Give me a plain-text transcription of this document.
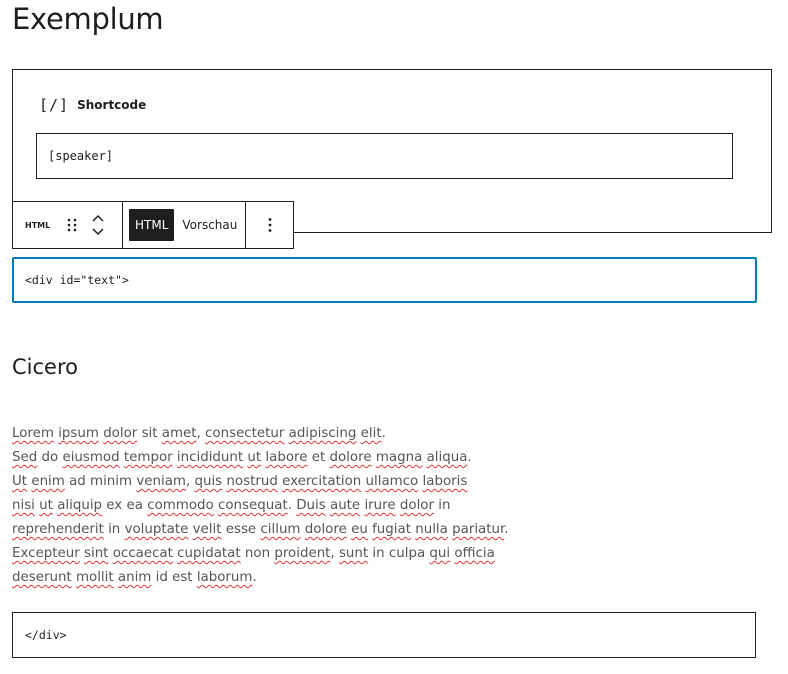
Exemplum
[/] Shortcode
[speaker]
HTML	HTML	Vorschau
<div id="text">
Cicero
Lorem ipsum dolor sit amet, consectetur adipiscing elit.
Sed do eiusmod tempor incididunt ut labore et dolore magna aliqua.
Ut enim ad minim veniam, quis nostrud exercitation ullamco laboris
nisi ut aliquip ex ea commodo consequat. Duis aute irure dolor in
reprehenderit in voluptate velit esse cillum dolore eu fugiat nulla pariatur.
Excepteur sint occaecat cupidatat non proident, sunt in culpa qui officia
deserunt mollit anim id est laborum.
</div>
